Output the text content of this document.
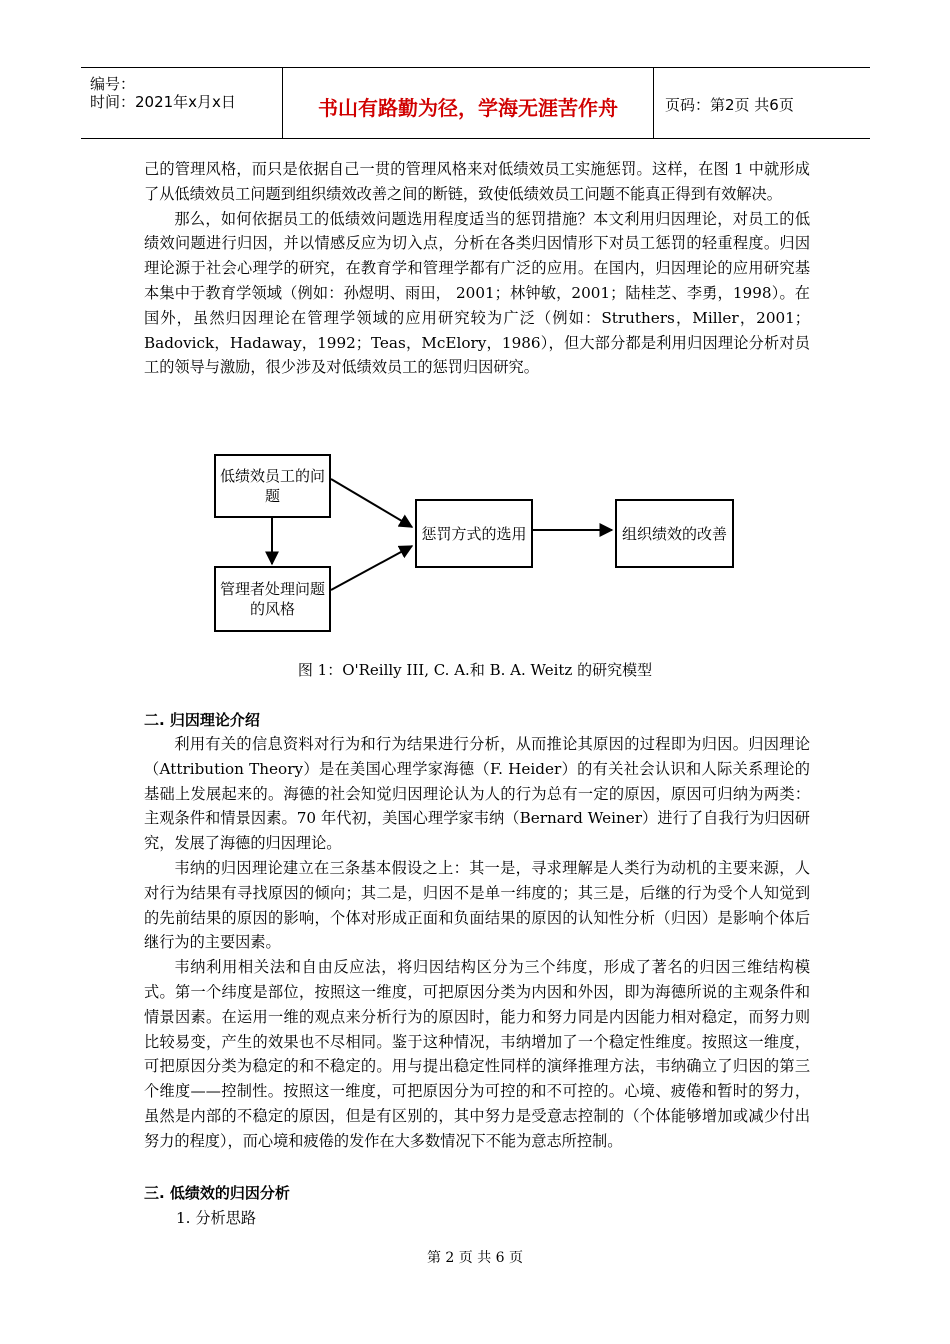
编号：
时间：2021年x月x日	书山有路勤为径，学海无涯苦作舟	页码：第2页 共6页

己的管理风格，而只是依据自己一贯的管理风格来对低绩效员工实施惩罚。这样，在图 1 中就形成了从低绩效员工问题到组织绩效改善之间的断链，致使低绩效员工问题不能真正得到有效解决。

那么，如何依据员工的低绩效问题选用程度适当的惩罚措施？本文利用归因理论，对员工的低绩效问题进行归因，并以情感反应为切入点，分析在各类归因情形下对员工惩罚的轻重程度。归因理论源于社会心理学的研究，在教育学和管理学都有广泛的应用。在国内，归因理论的应用研究基本集中于教育学领域（例如：孙煜明、雨田， 2001；林钟敏，2001；陆桂芝、李勇，1998）。在国外，虽然归因理论在管理学领域的应用研究较为广泛（例如：Struthers，Miller，2001；Badovick，Hadaway，1992；Teas，McElory，1986），但大部分都是利用归因理论分析对员工的领导与激励，很少涉及对低绩效员工的惩罚归因研究。

低绩效员工的问题
管理者处理问题的风格
惩罚方式的选用	组织绩效的改善
图 1：O'Reilly III, C. A.和 B. A. Weitz 的研究模型
二. 归因理论介绍

利用有关的信息资料对行为和行为结果进行分析，从而推论其原因的过程即为归因。归因理论（Attribution Theory）是在美国心理学家海德（F. Heider）的有关社会认识和人际关系理论的基础上发展起来的。海德的社会知觉归因理论认为人的行为总有一定的原因，原因可归纳为两类：主观条件和情景因素。70 年代初，美国心理学家韦纳（Bernard Weiner）进行了自我行为归因研究，发展了海德的归因理论。

韦纳的归因理论建立在三条基本假设之上：其一是，寻求理解是人类行为动机的主要来源，人对行为结果有寻找原因的倾向；其二是，归因不是单一纬度的；其三是，后继的行为受个人知觉到的先前结果的原因的影响，个体对形成正面和负面结果的原因的认知性分析（归因）是影响个体后继行为的主要因素。

韦纳利用相关法和自由反应法，将归因结构区分为三个纬度，形成了著名的归因三维结构模式。第一个纬度是部位，按照这一维度，可把原因分类为内因和外因，即为海德所说的主观条件和情景因素。在运用一维的观点来分析行为的原因时，能力和努力同是内因能力相对稳定，而努力则比较易变，产生的效果也不尽相同。鉴于这种情况，韦纳增加了一个稳定性维度。按照这一维度，可把原因分类为稳定的和不稳定的。用与提出稳定性同样的演绎推理方法，韦纳确立了归因的第三个维度——控制性。按照这一维度，可把原因分为可控的和不可控的。心境、疲倦和暂时的努力，虽然是内部的不稳定的原因，但是有区别的，其中努力是受意志控制的（个体能够增加或减少付出努力的程度），而心境和疲倦的发作在大多数情况下不能为意志所控制。

三. 低绩效的归因分析
1. 分析思路
第 2 页 共 6 页
